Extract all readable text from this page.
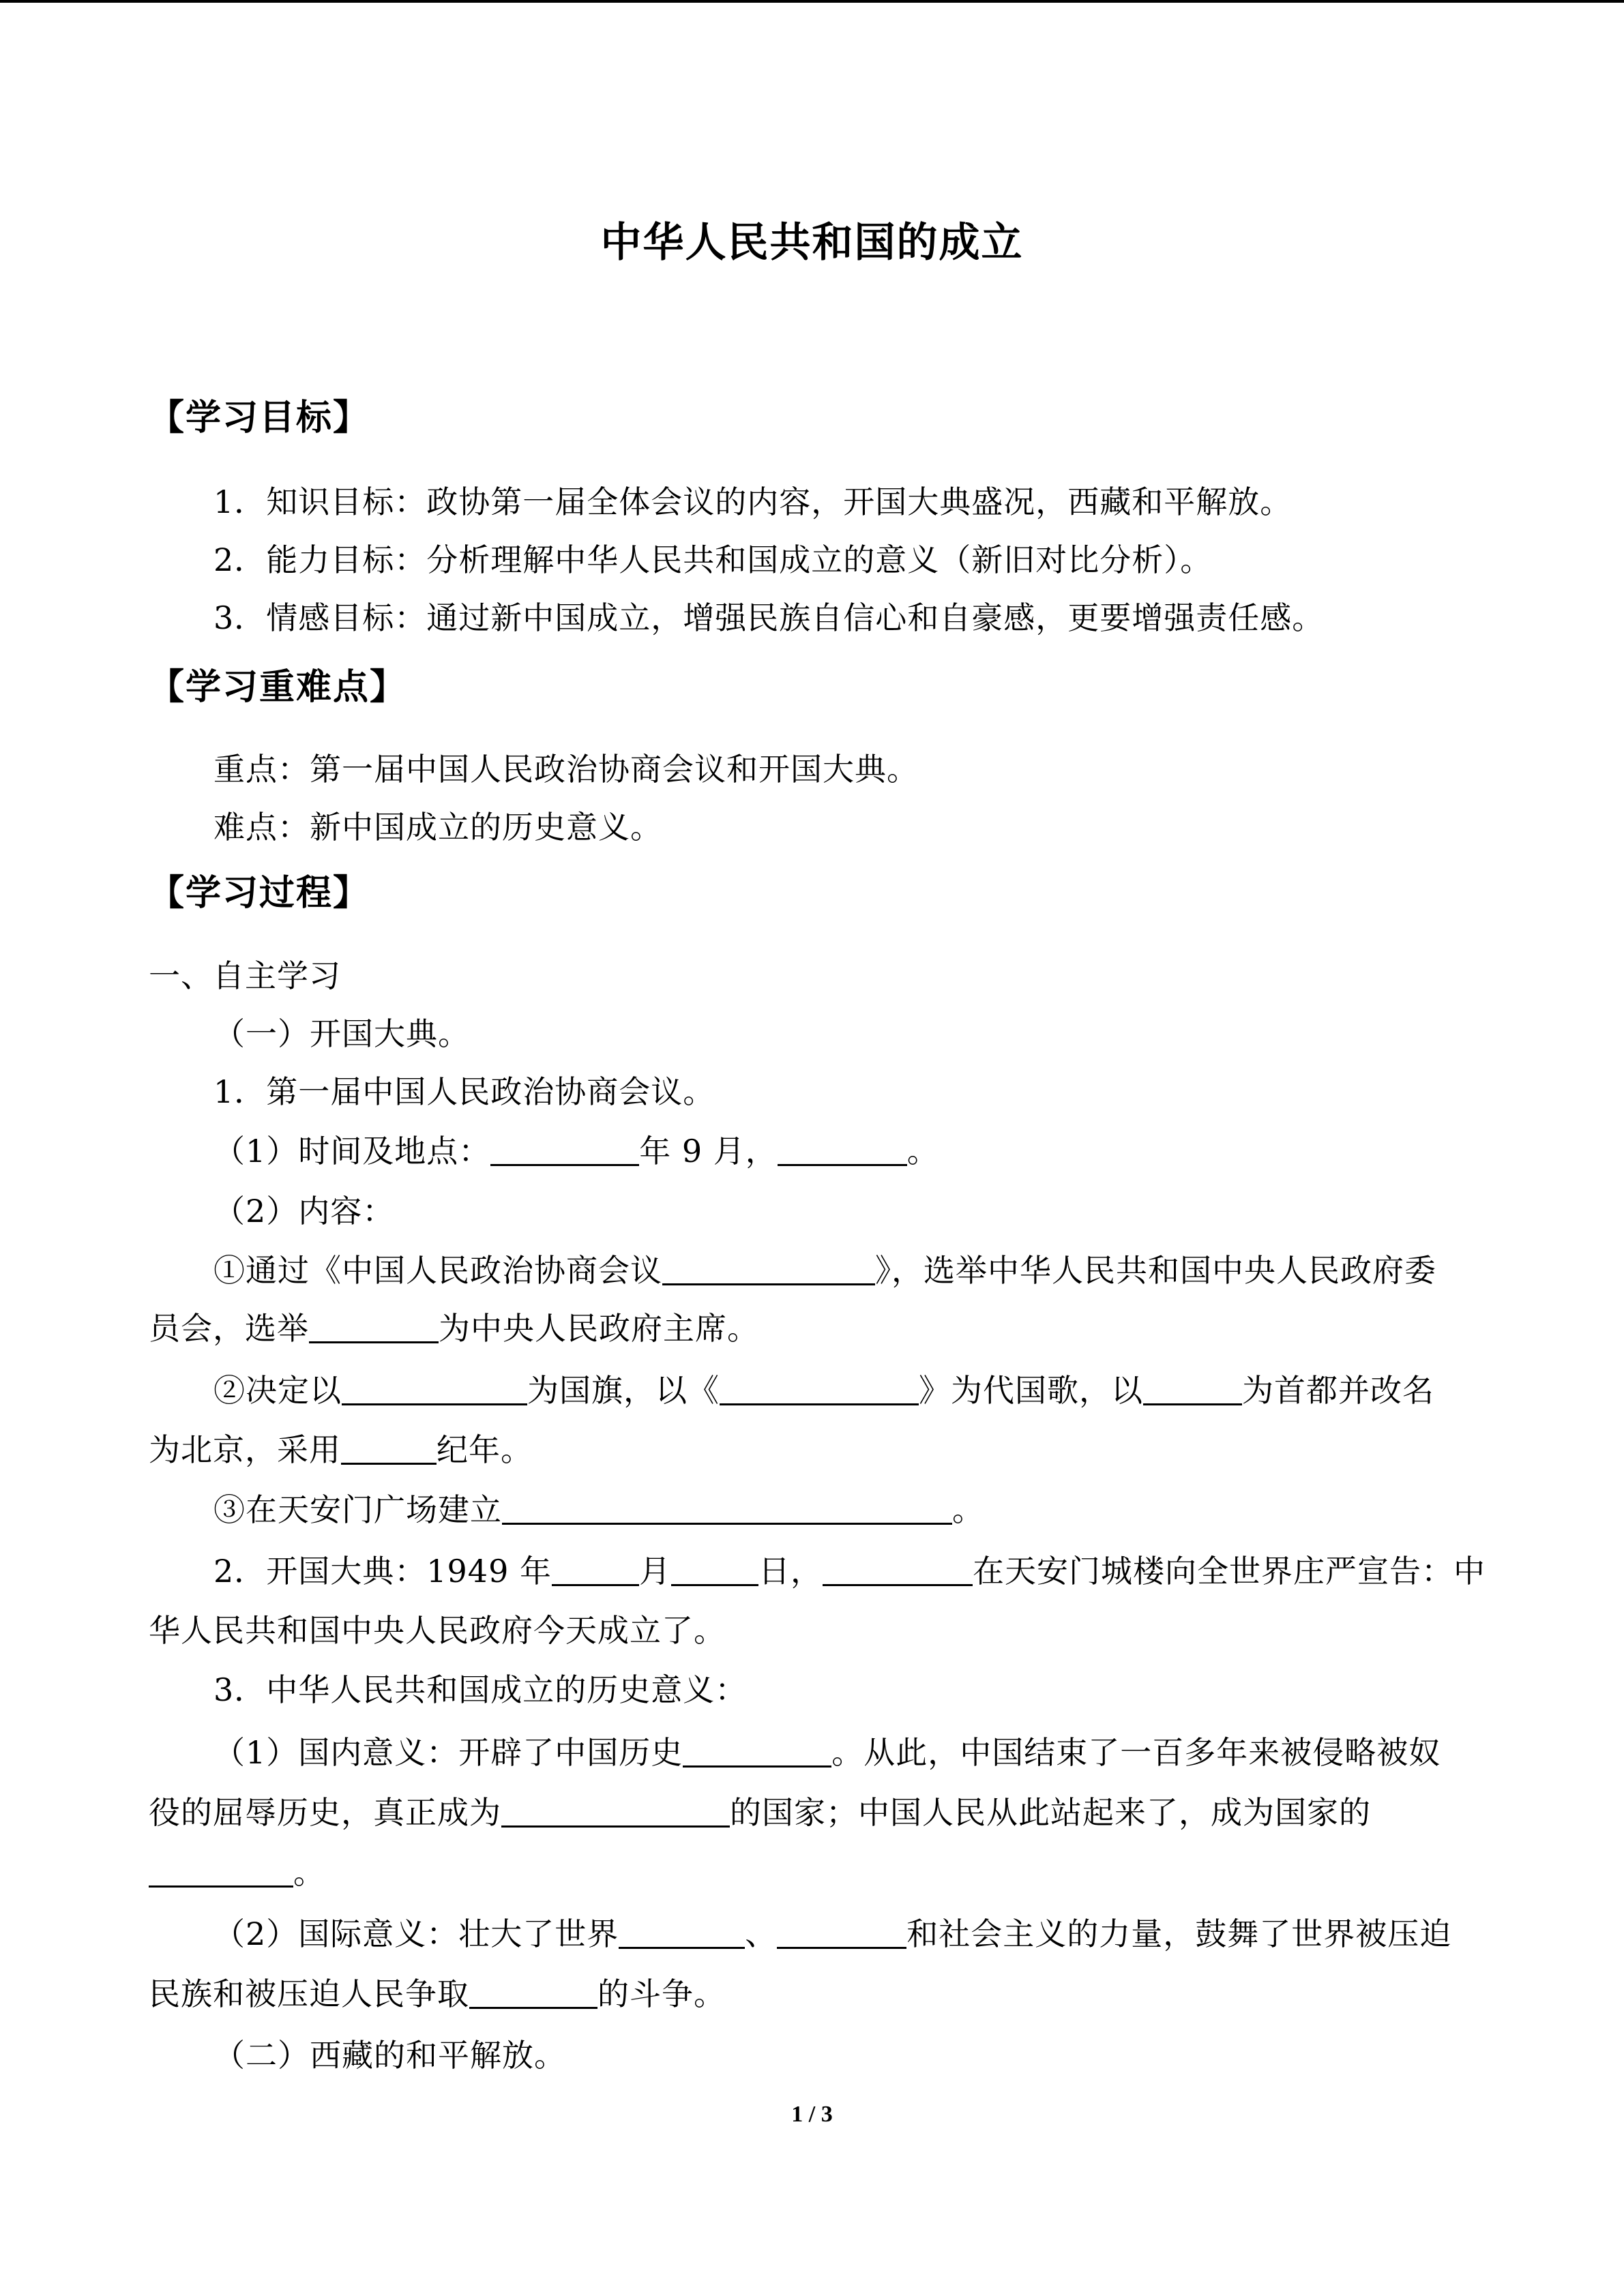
中华人民共和国的成立
【学习目标】
1．知识目标：政协第一届全体会议的内容，开国大典盛况，西藏和平解放。
2．能力目标：分析理解中华人民共和国成立的意义（新旧对比分析）。
3．情感目标：通过新中国成立，增强民族自信心和自豪感，更要增强责任感。
【学习重难点】
重点：第一届中国人民政治协商会议和开国大典。
难点：新中国成立的历史意义。
【学习过程】
一、自主学习
（一）开国大典。
1．第一届中国人民政治协商会议。
（1）时间及地点：	年 9 月，	。
（2）内容：
①通过《中国人民政治协商会议	》，选举中华人民共和国中央人民政府委
员会，选举	为中央人民政府主席。
②决定以	为国旗，以《	》为代国歌，以	为首都并改名
为北京，采用	纪年。
③在天安门广场建立	。
2．开国大典：1949 年	月	日，	在天安门城楼向全世界庄严宣告：中
华人民共和国中央人民政府今天成立了。
3．中华人民共和国成立的历史意义：
（1）国内意义：开辟了中国历史	。从此，中国结束了一百多年来被侵略被奴
役的屈辱历史，真正成为	的国家；中国人民从此站起来了，成为国家的
。
（2）国际意义：壮大了世界	、	和社会主义的力量，鼓舞了世界被压迫
民族和被压迫人民争取	的斗争。
（二）西藏的和平解放。
1 / 3
